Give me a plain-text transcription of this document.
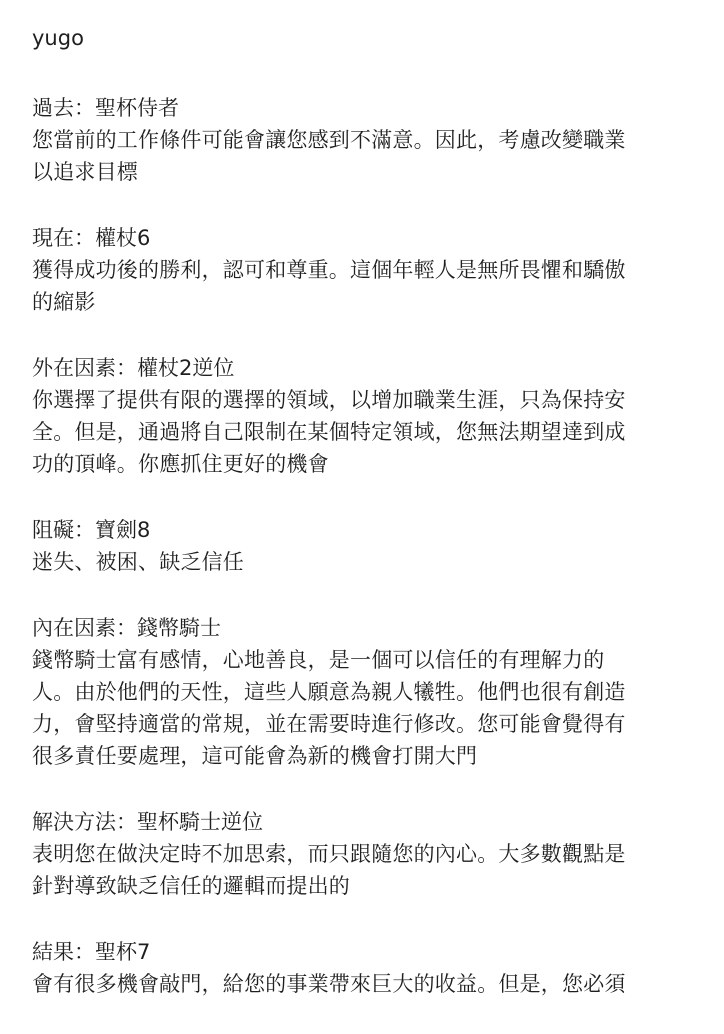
yugo
過去：聖杯侍者
您當前的工作條件可能會讓您感到不滿意。因此，考慮改變職業
以追求目標
現在：權杖6
獲得成功後的勝利，認可和尊重。這個年輕人是無所畏懼和驕傲
的縮影
外在因素：權杖2逆位
你選擇了提供有限的選擇的領域，以增加職業生涯，只為保持安
全。但是，通過將自己限制在某個特定領域，您無法期望達到成
功的頂峰。你應抓住更好的機會
阻礙：寶劍8
迷失、被困、缺乏信任
內在因素：錢幣騎士
錢幣騎士富有感情，心地善良，是一個可以信任的有理解力的
人。由於他們的天性，這些人願意為親人犧牲。他們也很有創造
力，會堅持適當的常規，並在需要時進行修改。您可能會覺得有
很多責任要處理，這可能會為新的機會打開大門
解決方法：聖杯騎士逆位
表明您在做決定時不加思索，而只跟隨您的內心。大多數觀點是
針對導致缺乏信任的邏輯而提出的
結果：聖杯7
會有很多機會敲門，給您的事業帶來巨大的收益。但是，您必須
